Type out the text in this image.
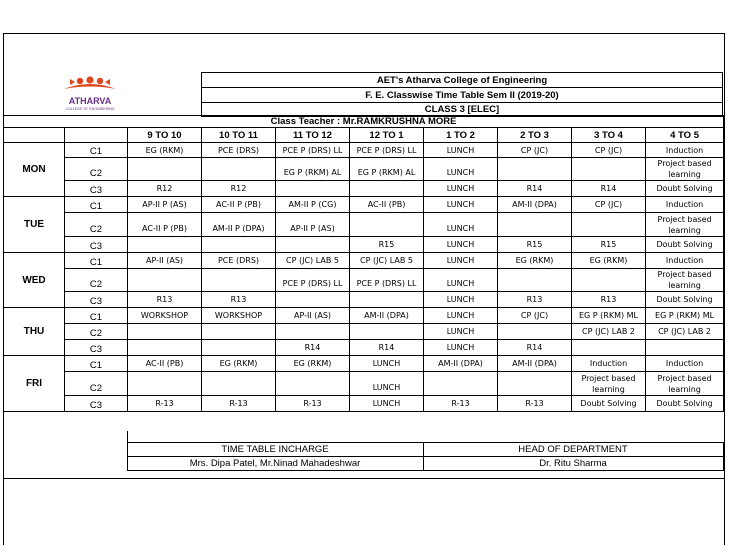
ATHARVA
COLLEGE OF ENGINEERING
AET's Atharva College of Engineering
F. E. Classwise Time Table Sem II (2019-20)
CLASS 3 [ELEC]
Class Teacher : Mr.RAMKRUSHNA MORE									
		9 TO 10	10 TO 11	11 TO 12	12 TO 1	1 TO 2	2 TO 3	3 TO 4	4 TO 5
MON	C1	EG (RKM)	PCE (DRS)	PCE P (DRS) LL	PCE P (DRS) LL	LUNCH	CP (JC)	CP (JC)	Induction
	C2			EG P (RKM) AL	EG P (RKM) AL	LUNCH			Project based learning
	C3	R12	R12			LUNCH	R14	R14	Doubt Solving
TUE	C1	AP-II P (AS)	AC-II P (PB)	AM-II P (CG)	AC-II (PB)	LUNCH	AM-II (DPA)	CP (JC)	Induction
	C2	AC-II P (PB)	AM-II P (DPA)	AP-II P (AS)		LUNCH			Project based learning
	C3				R15	LUNCH	R15	R15	Doubt Solving
WED	C1	AP-II (AS)	PCE (DRS)	CP (JC) LAB 5	CP (JC) LAB 5	LUNCH	EG (RKM)	EG (RKM)	Induction
	C2			PCE P (DRS) LL	PCE P (DRS) LL	LUNCH			Project based learning
	C3	R13	R13			LUNCH	R13	R13	Doubt Solving
THU	C1	WORKSHOP	WORKSHOP	AP-II (AS)	AM-II (DPA)	LUNCH	CP (JC)	EG P (RKM) ML	EG P (RKM) ML
	C2					LUNCH		CP (JC) LAB 2	CP (JC) LAB 2
	C3			R14	R14	LUNCH	R14		
FRI	C1	AC-II (PB)	EG (RKM)	EG (RKM)	LUNCH	AM-II (DPA)	AM-II (DPA)	Induction	Induction
	C2				LUNCH			Project based learning	Project based learning
	C3	R-13	R-13	R-13	LUNCH	R-13	R-13	Doubt Solving	Doubt Solving

	TIME TABLE INCHARGE	HEAD OF DEPARTMENT
	Mrs. Dipa Patel, Mr.Ninad Mahadeshwar	Dr. Ritu Sharma
